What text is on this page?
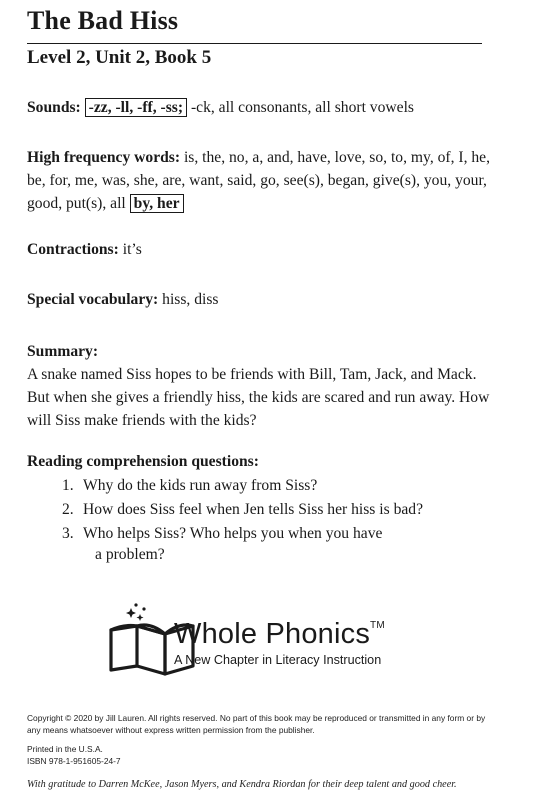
The Bad Hiss
Level 2, Unit 2, Book 5
Sounds: -zz, -ll, -ff, -ss; -ck, all consonants, all short vowels
High frequency words: is, the, no, a, and, have, love, so, to, my, of, I, he, be, for, me, was, she, are, want, said, go, see(s), began, give(s), you, your, good, put(s), all by, her
Contractions: it’s
Special vocabulary: hiss, diss
Summary:
A snake named Siss hopes to be friends with Bill, Tam, Jack, and Mack. But when she gives a friendly hiss, the kids are scared and run away. How will Siss make friends with the kids?
Reading comprehension questions:
1. Why do the kids run away from Siss?
2. How does Siss feel when Jen tells Siss her hiss is bad?
3. Who helps Siss? Who helps you when you have
a problem?
Whole Phonics™
A New Chapter in Literacy Instruction
Copyright © 2020 by Jill Lauren. All rights reserved. No part of this book may be reproduced or transmitted in any form or by any means whatsoever without express written permission from the publisher.
Printed in the U.S.A.
ISBN 978-1-951605-24-7
With gratitude to Darren McKee, Jason Myers, and Kendra Riordan for their deep talent and good cheer.
